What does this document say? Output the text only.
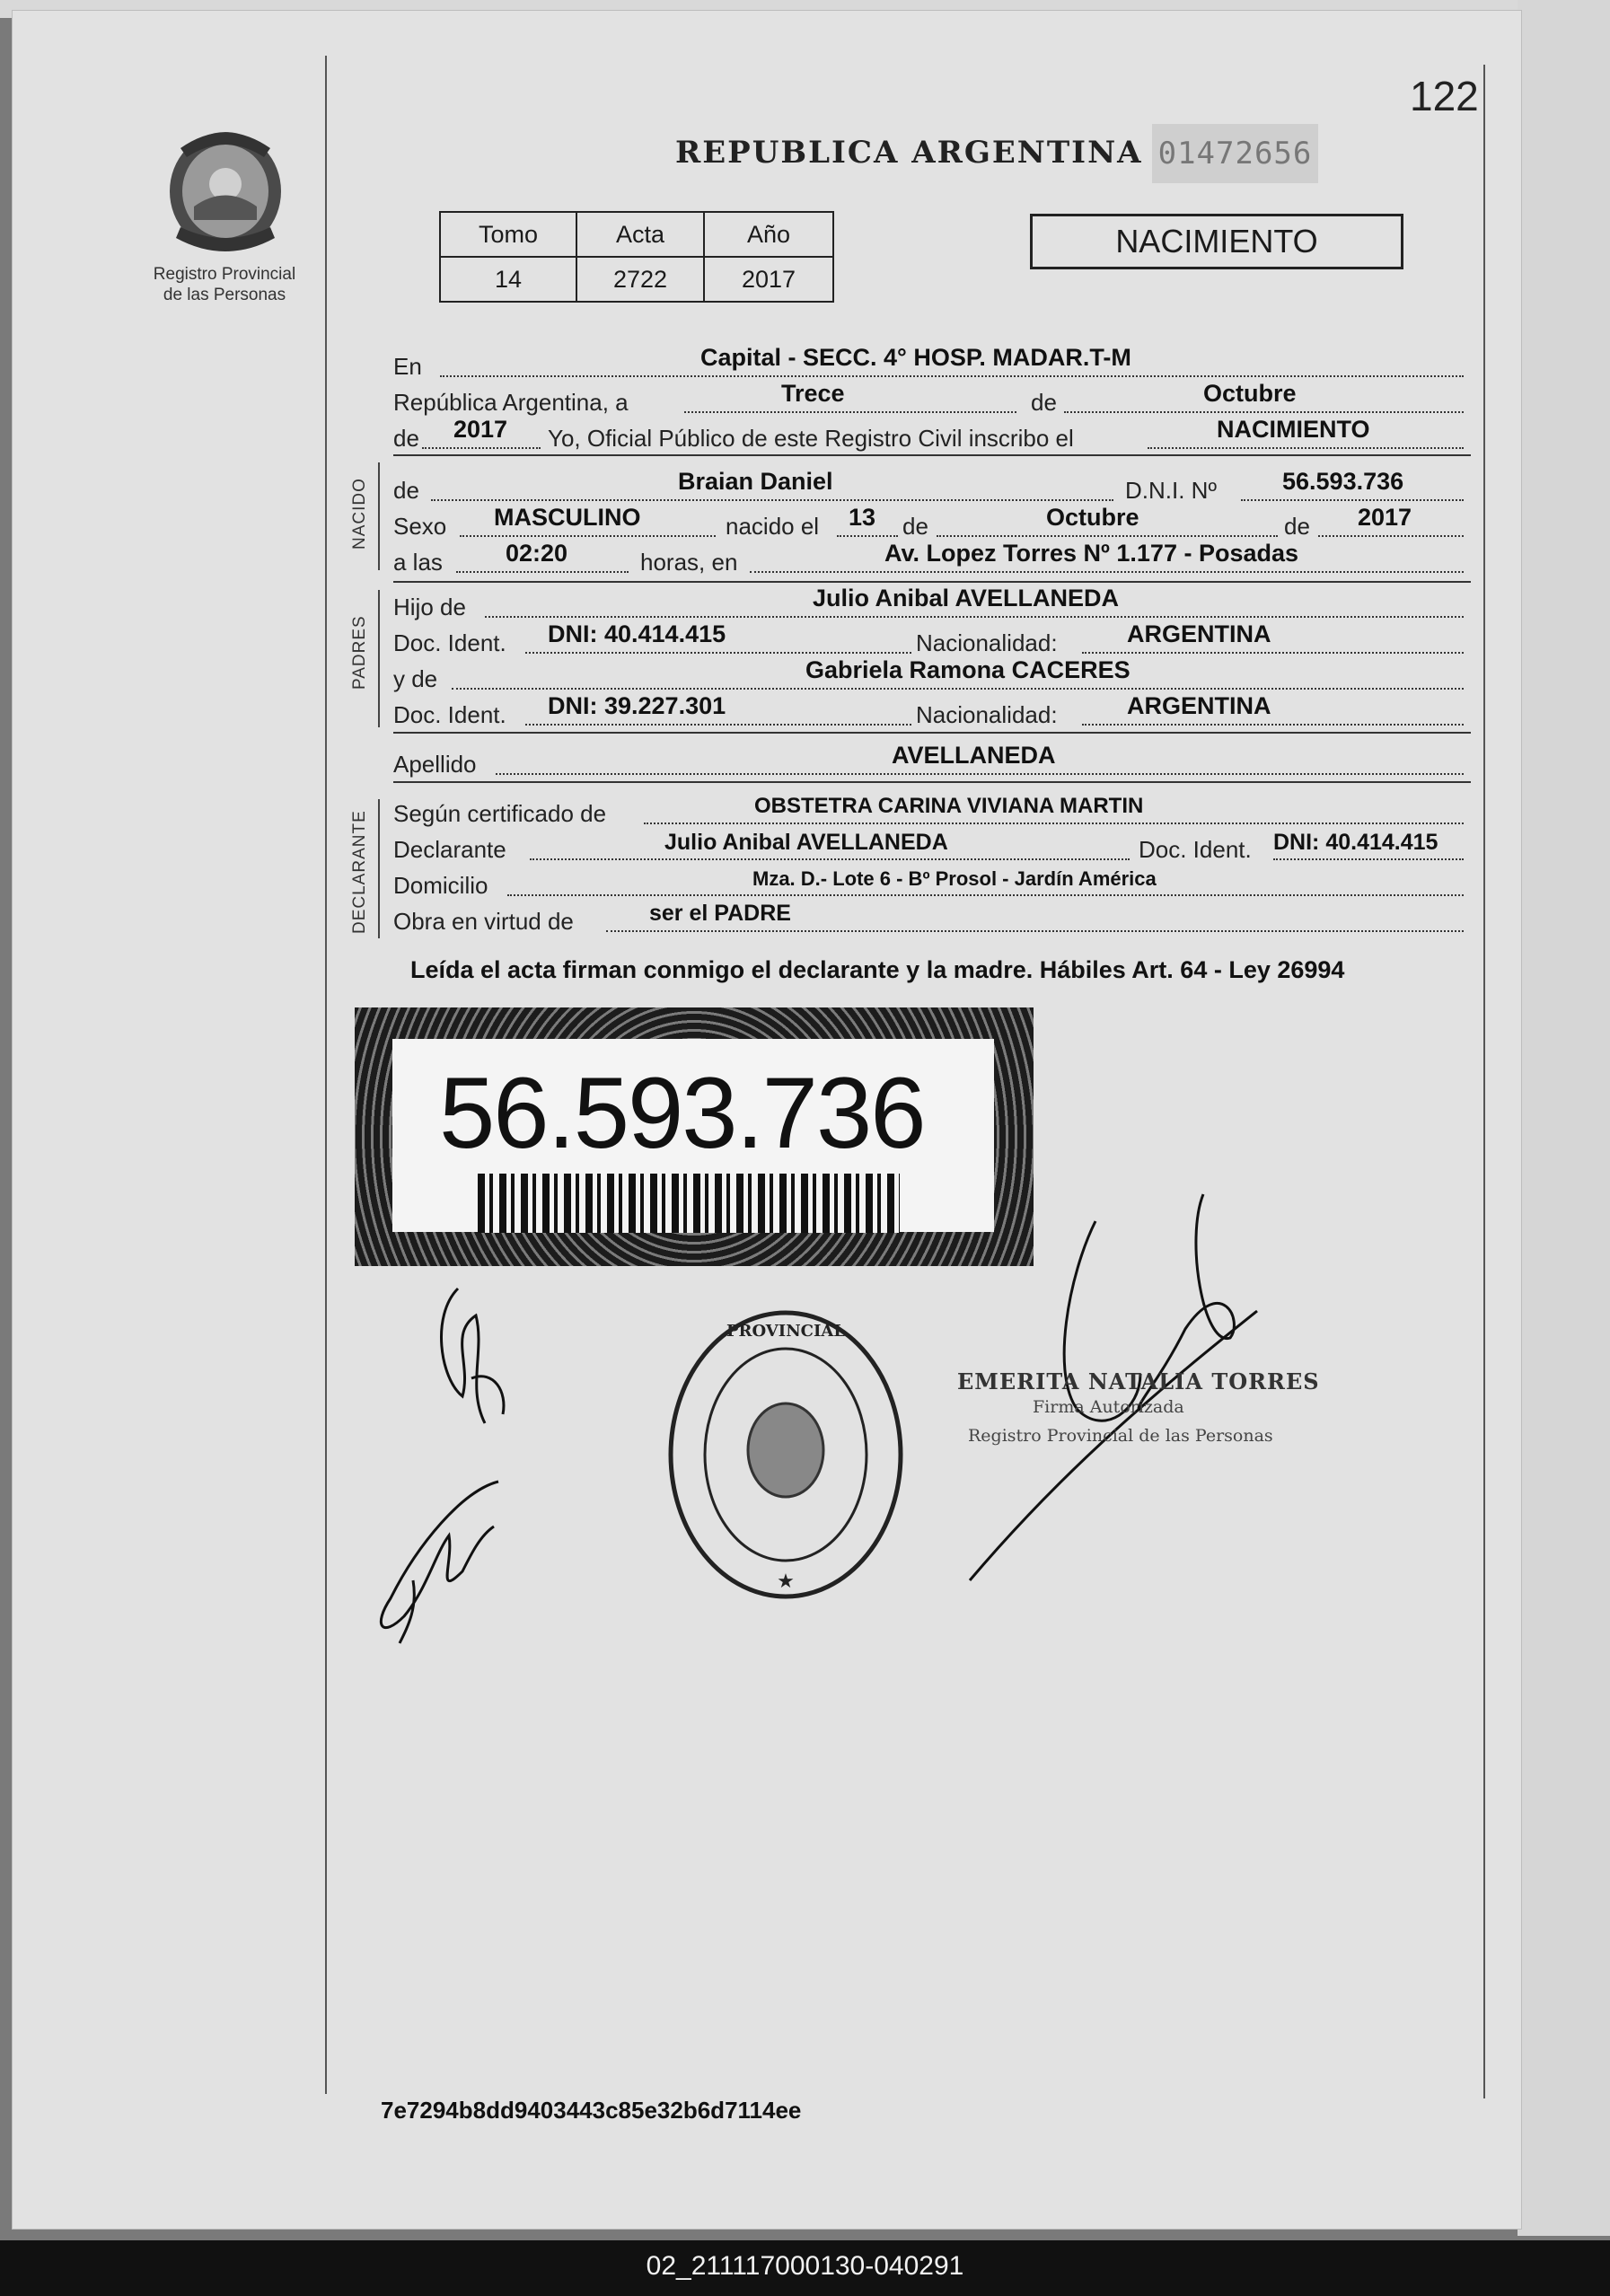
122
Registro Provincial
de las Personas
REPUBLICA ARGENTINA 01472656
Tomo	Acta	Año
14	2722	2017
NACIMIENTO
En	Capital - SECC. 4° HOSP. MADAR.T-M
República Argentina, a	Trece	de	Octubre
de 2017 Yo, Oficial Público de este Registro Civil inscribo el	NACIMIENTO
NACIDO de	Braian Daniel	D.N.I. Nº	56.593.736
Sexo MASCULINO	nacido el 13 de	Octubre	de 2017
a las	02:20	horas, en	Av. Lopez Torres Nº 1.177 - Posadas
PADRES
Hijo de	Julio Anibal AVELLANEDA
Doc. Ident. DNI: 40.414.415	Nacionalidad:	ARGENTINA
y de	Gabriela Ramona CACERES
Doc. Ident. DNI: 39.227.301	Nacionalidad:	ARGENTINA
Apellido	AVELLANEDA
DECLARANTE Según certificado de	OBSTETRA CARINA VIVIANA MARTIN
Declarante	Julio Anibal AVELLANEDA	Doc. Ident. DNI: 40.414.415
Domicilio	Mza. D.- Lote 6 - Bº Prosol - Jardín América
Obra en virtud de	ser el PADRE
Leída el acta firman conmigo el declarante y la madre. Hábiles Art. 64 - Ley 26994
56.593.736
PROVINCIAL
★
EMERITA NATALIA TORRES
Firma Autorizada
Registro Provincial de las Personas
7e7294b8dd9403443c85e32b6d7114ee
02_211117000130-040291
